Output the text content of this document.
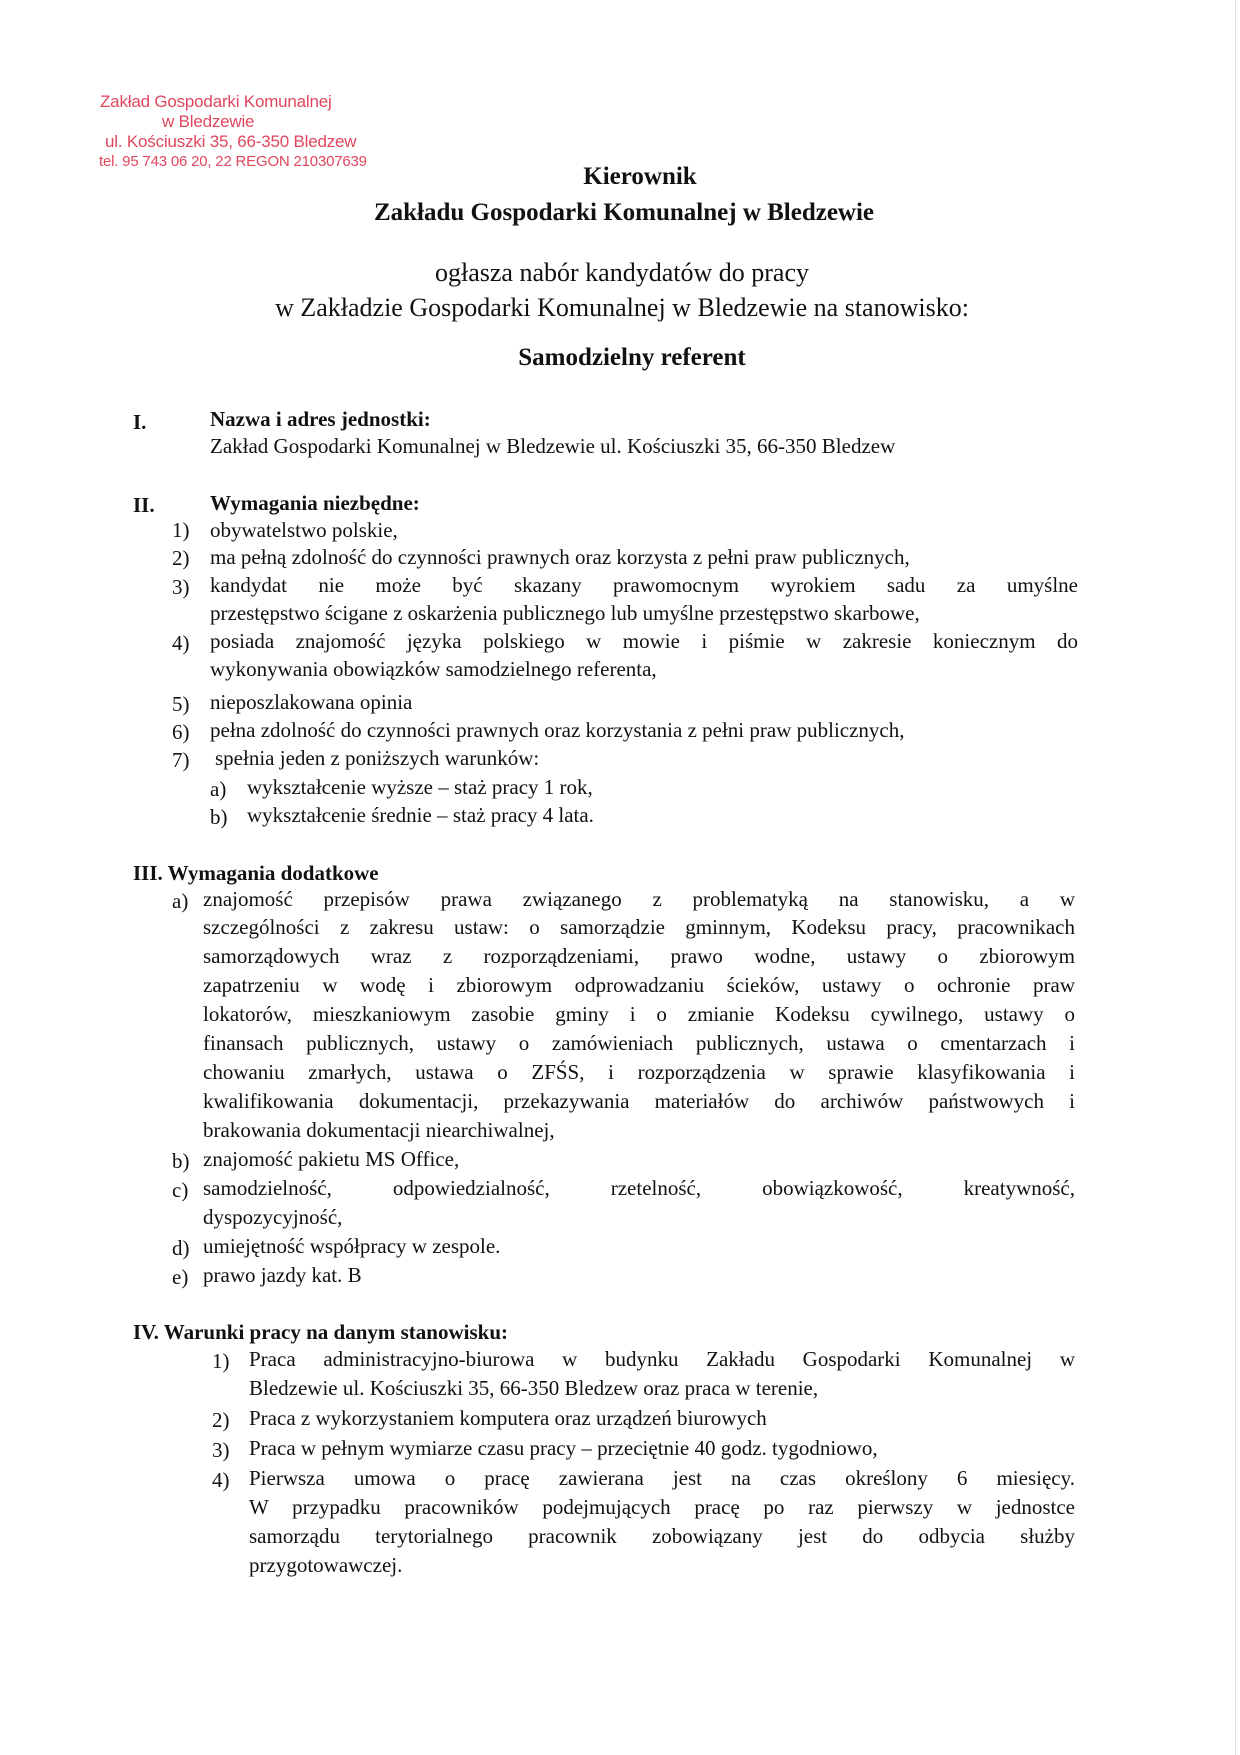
Zakład Gospodarki Komunalnej
w Bledzewie
ul. Kościuszki 35, 66-350 Bledzew
tel. 95 743 06 20, 22 REGON 210307639
Kierownik
Zakładu Gospodarki Komunalnej w Bledzewie
ogłasza nabór kandydatów do pracy
w Zakładzie Gospodarki Komunalnej w Bledzewie na stanowisko:
Samodzielny referent
I.	Nazwa i adres jednostki:
Zakład Gospodarki Komunalnej w Bledzewie ul. Kościuszki 35, 66-350 Bledzew
II.	Wymagania niezbędne:
1) obywatelstwo polskie,
2) ma pełną zdolność do czynności prawnych oraz korzysta z pełni praw publicznych,
3) kandydat nie może być skazany prawomocnym wyrokiem sadu za umyślne
przestępstwo ścigane z oskarżenia publicznego lub umyślne przestępstwo skarbowe,
4) posiada znajomość języka polskiego w mowie i piśmie w zakresie koniecznym do
wykonywania obowiązków samodzielnego referenta,
5) nieposzlakowana opinia
6) pełna zdolność do czynności prawnych oraz korzystania z pełni praw publicznych,
7) spełnia jeden z poniższych warunków:
a) wykształcenie wyższe – staż pracy 1 rok,
b) wykształcenie średnie – staż pracy 4 lata.
III. Wymagania dodatkowe
a) znajomość przepisów prawa związanego z problematyką na stanowisku, a w
szczególności z zakresu ustaw: o samorządzie gminnym, Kodeksu pracy, pracownikach
samorządowych wraz z rozporządzeniami, prawo wodne, ustawy o zbiorowym
zapatrzeniu w wodę i zbiorowym odprowadzaniu ścieków, ustawy o ochronie praw
lokatorów, mieszkaniowym zasobie gminy i o zmianie Kodeksu cywilnego, ustawy o
finansach publicznych, ustawy o zamówieniach publicznych, ustawa o cmentarzach i
chowaniu zmarłych, ustawa o ZFŚS, i rozporządzenia w sprawie klasyfikowania i
kwalifikowania dokumentacji, przekazywania materiałów do archiwów państwowych i
brakowania dokumentacji niearchiwalnej,
b) znajomość pakietu MS Office,
c) samodzielność, odpowiedzialność, rzetelność, obowiązkowość, kreatywność,
dyspozycyjność,
d) umiejętność współpracy w zespole.
e) prawo jazdy kat. B
IV. Warunki pracy na danym stanowisku:
1) Praca administracyjno-biurowa w budynku Zakładu Gospodarki Komunalnej w
Bledzewie ul. Kościuszki 35, 66-350 Bledzew oraz praca w terenie,
2) Praca z wykorzystaniem komputera oraz urządzeń biurowych
3) Praca w pełnym wymiarze czasu pracy – przeciętnie 40 godz. tygodniowo,
4) Pierwsza umowa o pracę zawierana jest na czas określony 6 miesięcy.
W przypadku pracowników podejmujących pracę po raz pierwszy w jednostce
samorządu terytorialnego pracownik zobowiązany jest do odbycia służby
przygotowawczej.
